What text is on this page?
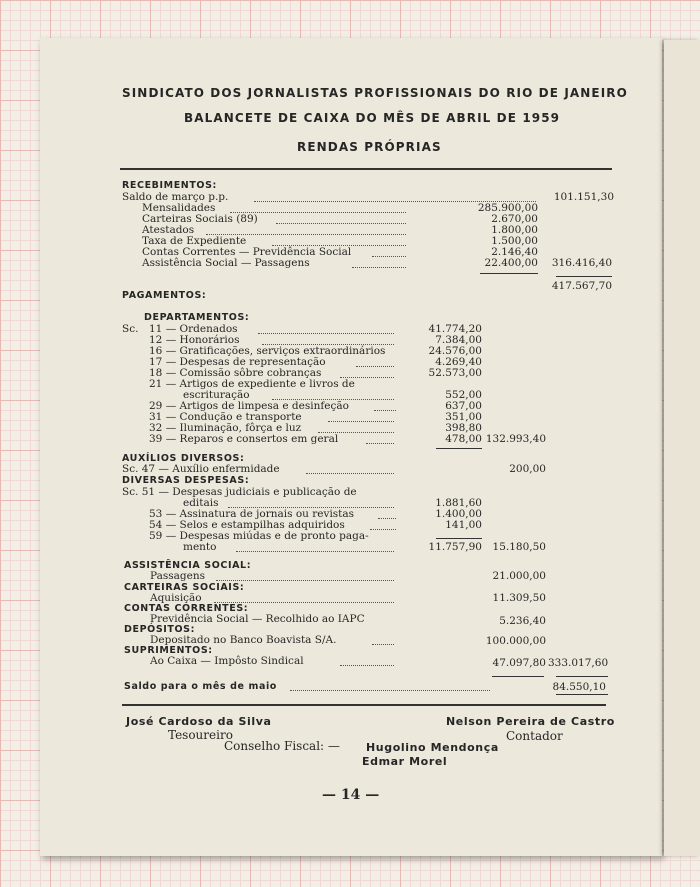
SINDICATO DOS JORNALISTAS PROFISSIONAIS DO RIO DE JANEIRO
BALANCETE DE CAIXA DO MÊS DE ABRIL DE 1959
RENDAS PRÓPRIAS
RECEBIMENTOS:
Saldo de março p.p.	101.151,30
Mensalidades	285.900,00
Carteiras Sociais (89)	2.670,00
Atestados	1.800,00
Taxa de Expediente	1.500,00
Contas Correntes — Previdência Social	2.146,40
Assistência Social — Passagens	22.400,00	316.416,40
417.567,70
PAGAMENTOS:
DEPARTAMENTOS:
Sc. 11 — Ordenados	41.774,20
12 — Honorários	7.384,00
16 — Gratificações, serviços extraordinários	24.576,00
17 — Despesas de representação	4.269,40
18 — Comissão sôbre cobranças	52.573,00
21 — Artigos de expediente e livros de
escrituração	552,00
29 — Artigos de limpesa e desinfeção	637,00
31 — Condução e transporte	351,00
32 — Iluminação, fôrça e luz	398,80
39 — Reparos e consertos em geral	478,00 132.993,40
AUXÍLIOS DIVERSOS:
Sc. 47 — Auxílio enfermidade	200,00
DIVERSAS DESPESAS:
Sc. 51 — Despesas judiciais e publicação de
editais	1.881,60
53 — Assinatura de jornais ou revistas	1.400,00
54 — Selos e estampilhas adquiridos	141,00
59 — Despesas miúdas e de pronto paga-
mento	11.757,90	15.180,50
ASSISTÊNCIA SOCIAL:
Passagens	21.000,00
CARTEIRAS SOCIAIS:
Aquisição	11.309,50
CONTAS CORRENTES:
Previdência Social — Recolhido ao IAPC	5.236,40
DEPÓSITOS:
Depositado no Banco Boavista S/A.	100.000,00
SUPRIMENTOS:
Ao Caixa — Impôsto Sindical	47.097,80 333.017,60
Saldo para o mês de maio	84.550,10
José Cardoso da Silva
Tesoureiro
Nelson Pereira de Castro
Contador
Conselho Fiscal: — Hugolino Mendonça
Edmar Morel
— 14 —
